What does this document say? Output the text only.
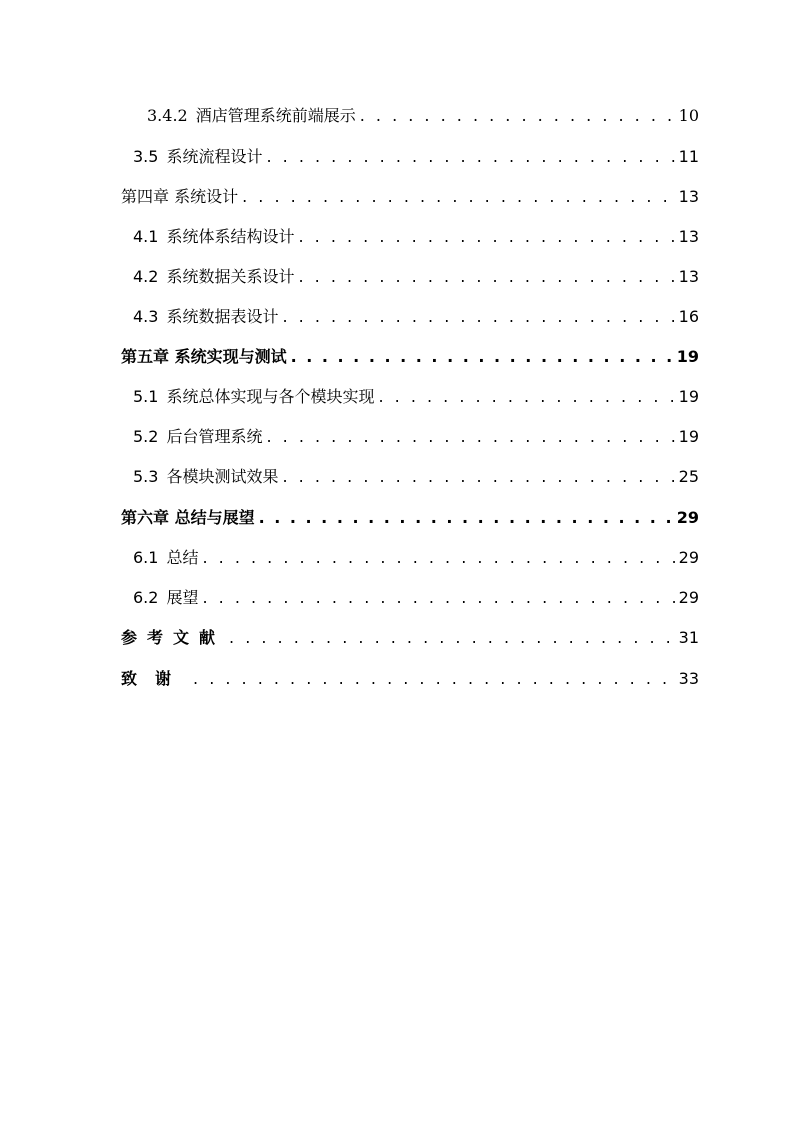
3.4.2 酒店管理系统前端展示 . . .	10
3.5 系统流程设计 . . .	11
第四章 系统设计 . . .	13
4.1 系统体系结构设计 . . .	13
4.2 系统数据关系设计 . . .	13
4.3 系统数据表设计 . . .	16
第五章 系统实现与测试 . . .	19
5.1 系统总体实现与各个模块实现 . . .	19
5.2 后台管理系统 . . .	19
5.3 各模块测试效果 . . .	25
第六章 总结与展望 . . .	29
6.1 总结 . . .	29
6.2 展望 . . .	29
参考文献 . . .	31
致谢 . . .	33
